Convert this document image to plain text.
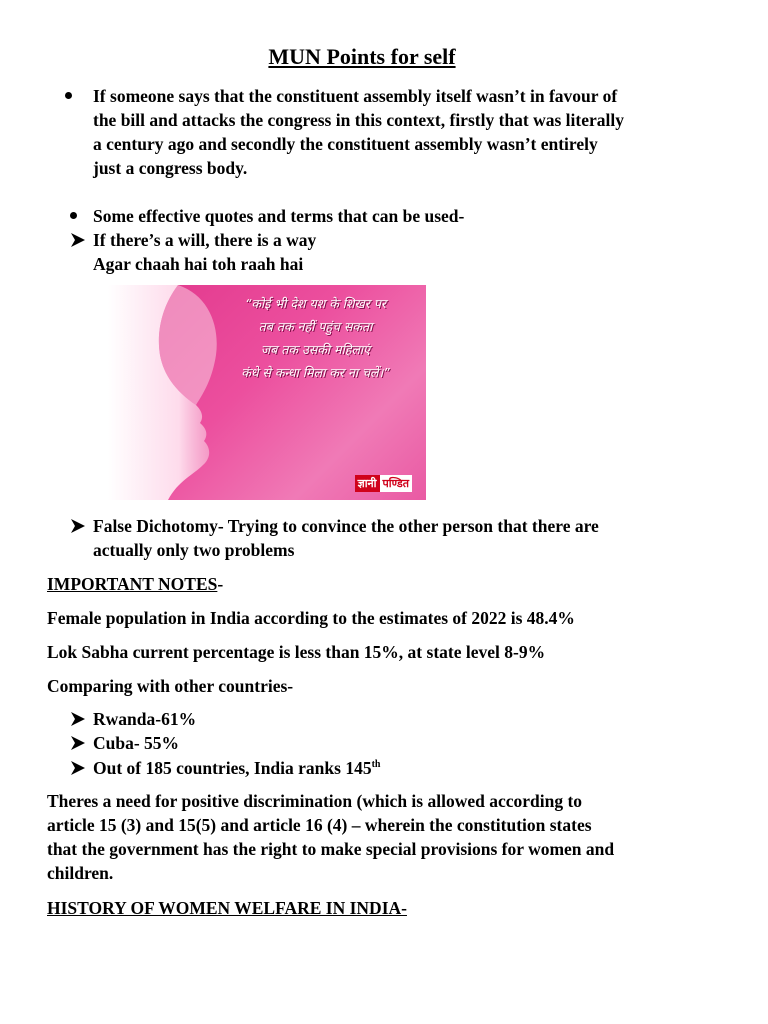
MUN Points for self
If someone says that the constituent assembly itself wasn’t in favour of
the bill and attacks the congress in this context, firstly that was literally
a century ago and secondly the constituent assembly wasn’t entirely
just a congress body.
Some effective quotes and terms that can be used-
If there’s a will, there is a way
Agar chaah hai toh raah hai
“कोई भी देश यश के शिखर पर
तब तक नहीं पहुंच सकता
जब तक उसकी महिलाएं
कंधे से कन्धा मिला कर ना चलें।”
ज्ञानी पण्डित
False Dichotomy- Trying to convince the other person that there are
actually only two problems
IMPORTANT NOTES-
Female population in India according to the estimates of 2022 is 48.4%
Lok Sabha current percentage is less than 15%, at state level 8-9%
Comparing with other countries-
Rwanda-61%
Cuba- 55%
Out of 185 countries, India ranks 145th
Theres a need for positive discrimination (which is allowed according to
article 15 (3) and 15(5) and article 16 (4) – wherein the constitution states
that the government has the right to make special provisions for women and
children.
HISTORY OF WOMEN WELFARE IN INDIA-
